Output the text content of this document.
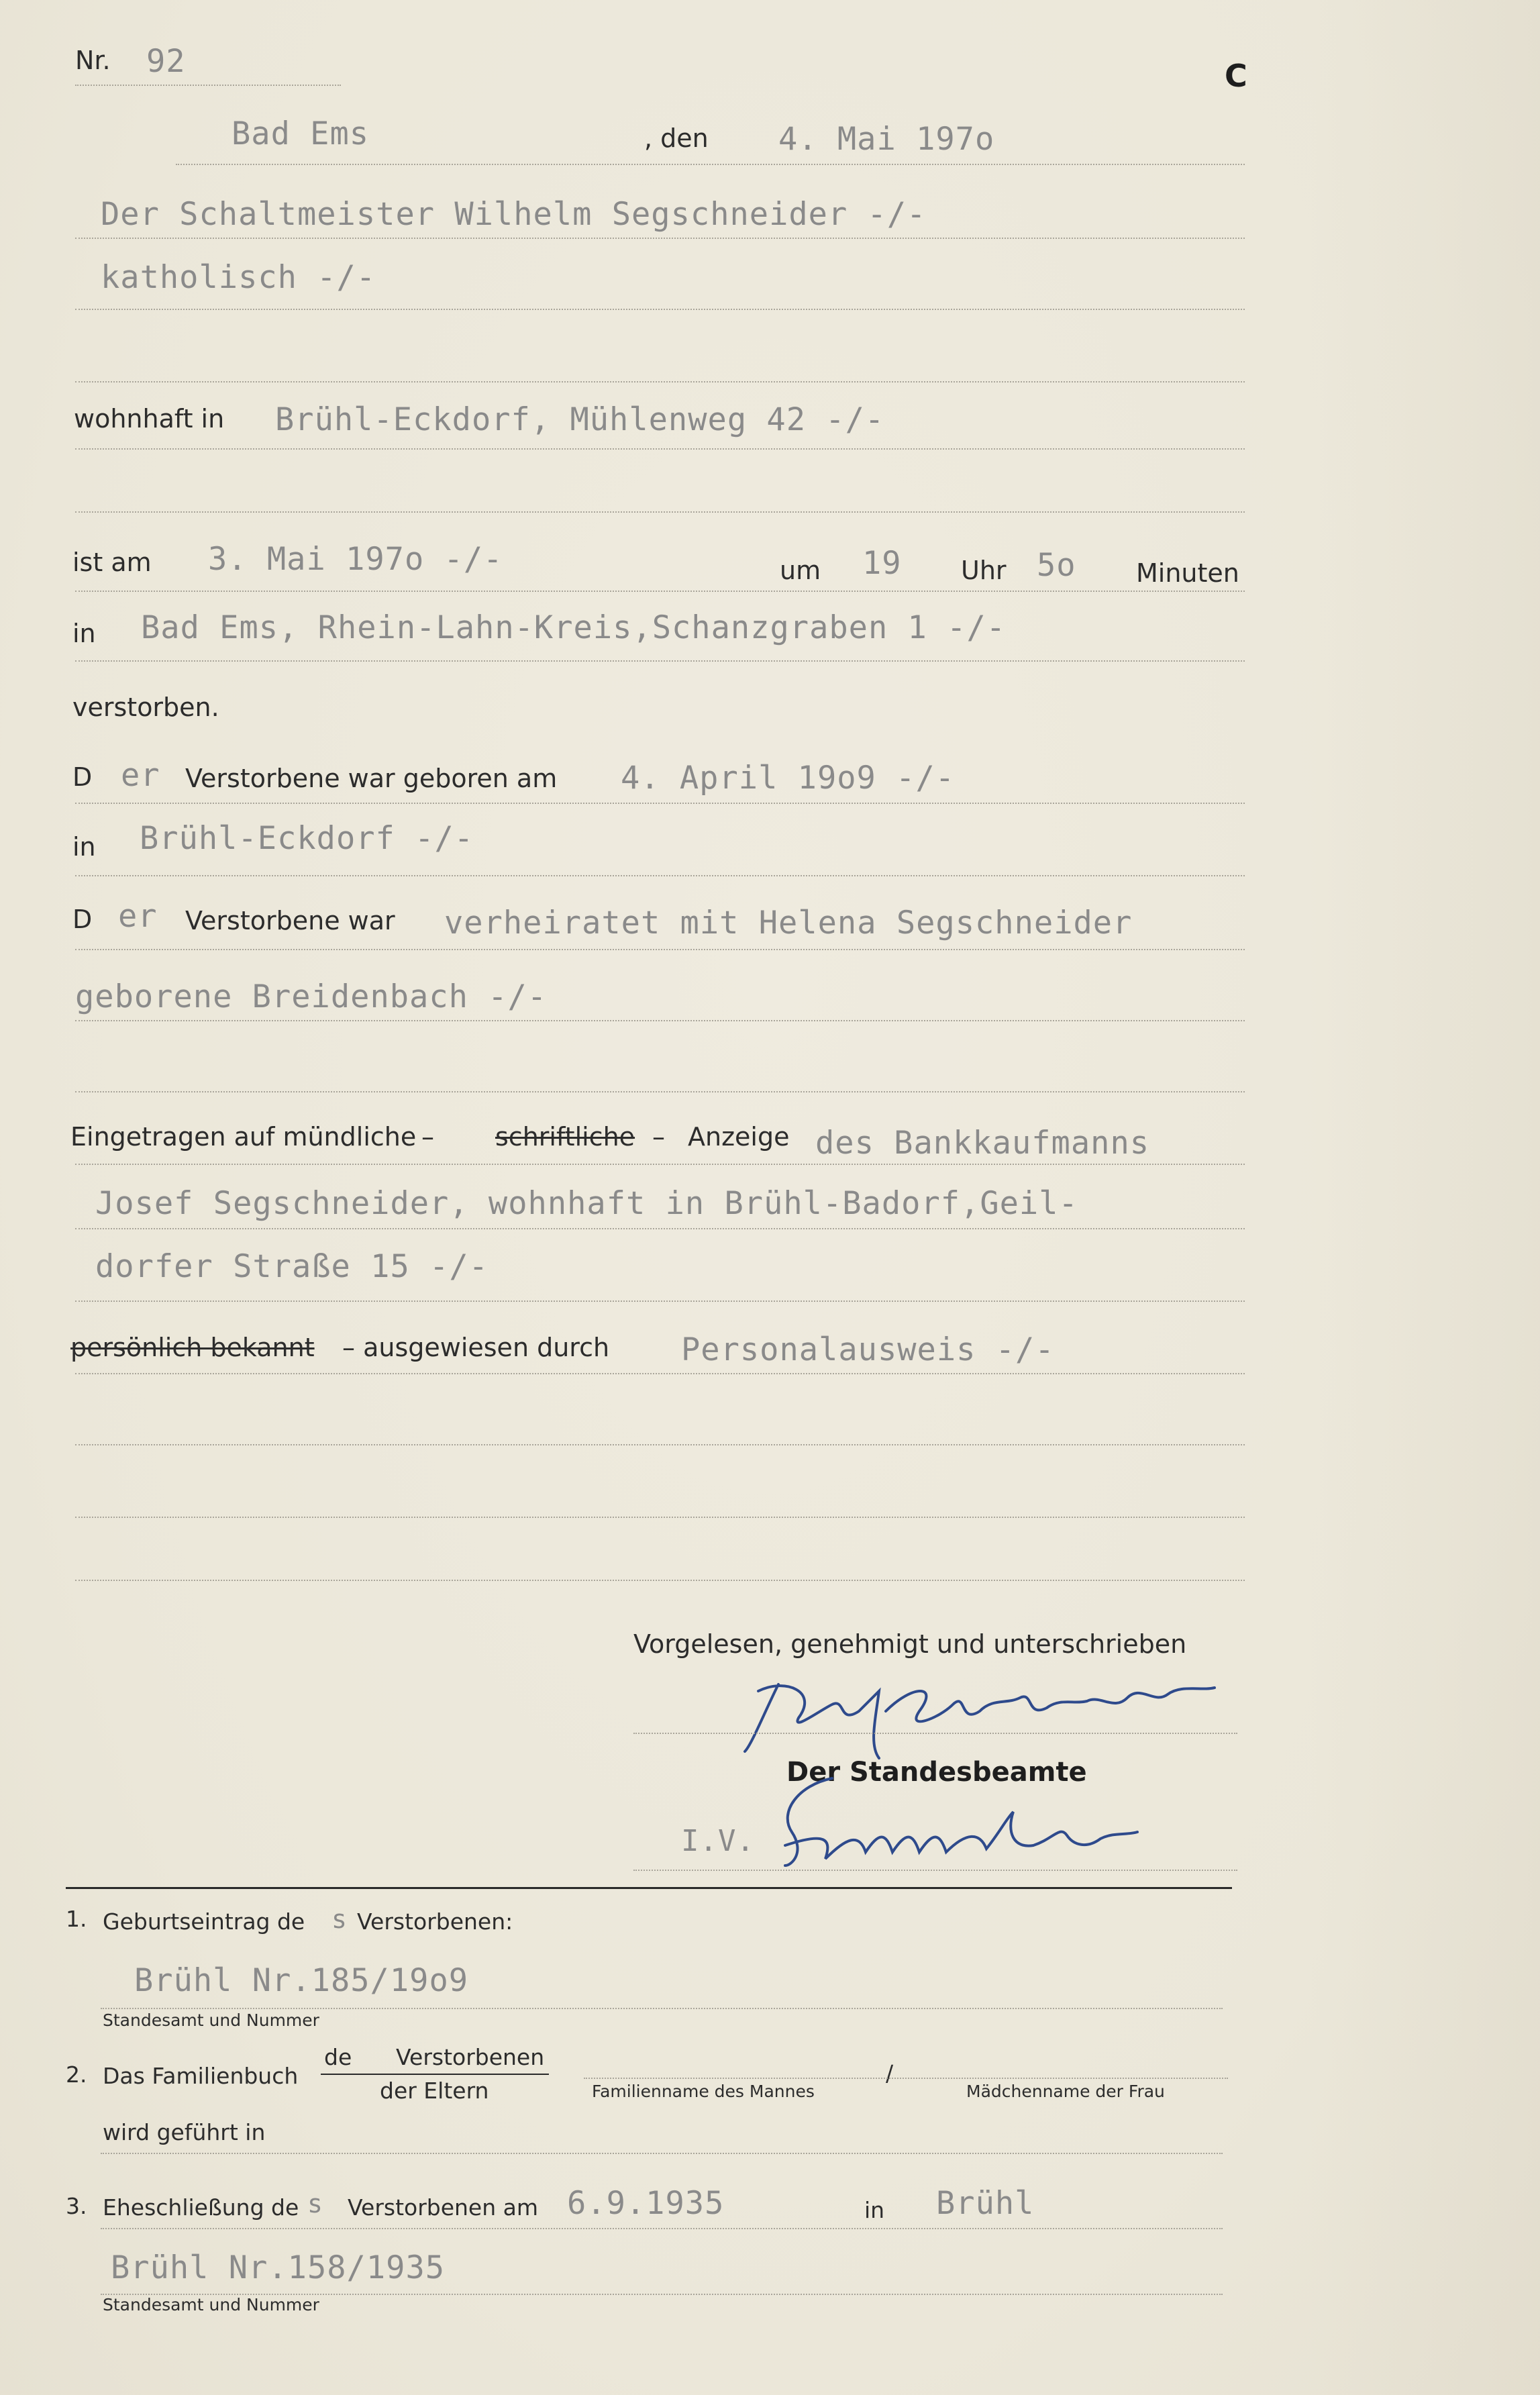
Nr. 92	C
Bad Ems	, den 4. Mai 197o
Der Schaltmeister Wilhelm Segschneider -/-
katholisch -/-
wohnhaft in Brühl-Eckdorf, Mühlenweg 42 -/-
ist am 3. Mai 197o -/-	um 19 Uhr 5o Minuten
in Bad Ems, Rhein-Lahn-Kreis,Schanzgraben 1 -/-
verstorben.
D er Verstorbene war geboren am 4. April 19o9 -/-
in Brühl-Eckdorf -/-
D er Verstorbene war verheiratet mit Helena Segschneider
geborene Breidenbach -/-
Eingetragen auf mündliche – schriftliche – Anzeige des Bankkaufmanns
Josef Segschneider, wohnhaft in Brühl-Badorf,Geil-
dorfer Straße 15 -/-
persönlich bekannt – ausgewiesen durch Personalausweis -/-
Vorgelesen, genehmigt und unterschrieben
Der Standesbeamte
I.V.
1. Geburtseintrag de s Verstorbenen:
Brühl Nr.185/19o9
Standesamt und Nummer
2. Das Familienbuch
de Verstorbenen
der Eltern	Familienname des Mannes
/
Mädchenname der Frau
wird geführt in
3. Eheschließung de s Verstorbenen am 6.9.1935	in Brühl
Brühl Nr.158/1935
Standesamt und Nummer
